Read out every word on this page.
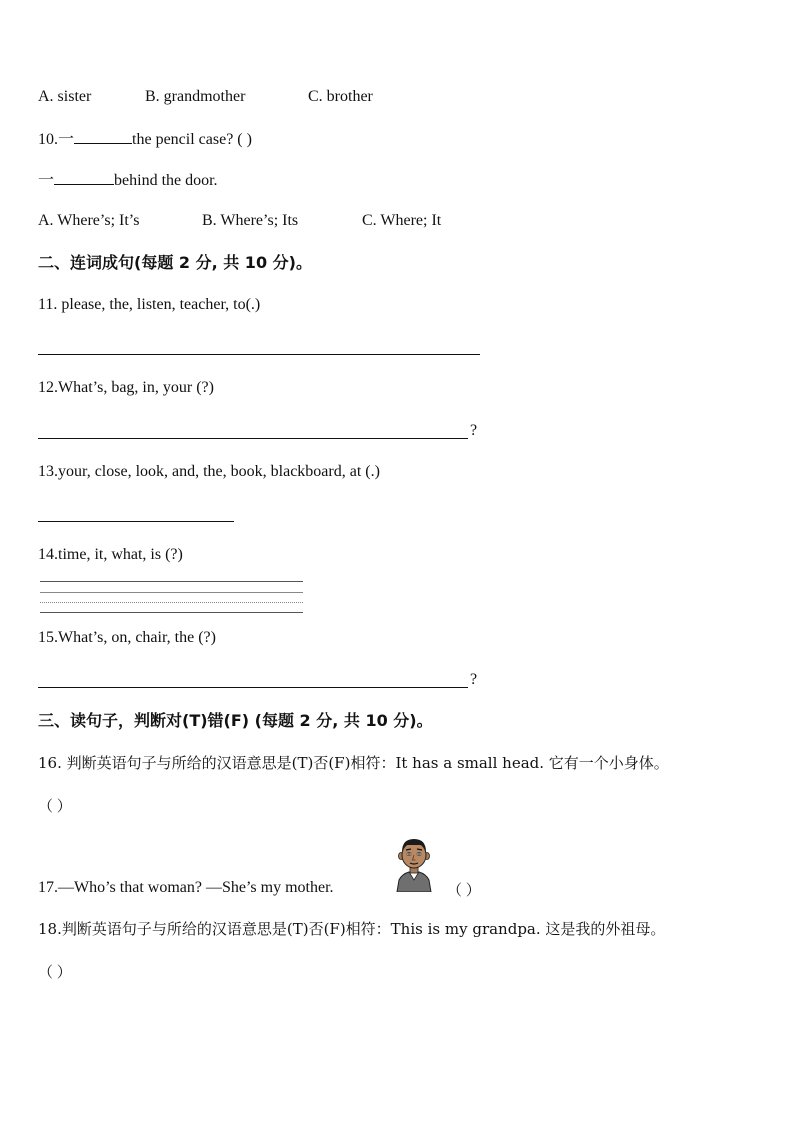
A. sister	B. grandmother	C. brother
10.一	the pencil case? ( )
一	behind the door.
A. Where’s; It’s	B. Where’s; Its	C. Where; It
二、连词成句(每题 2 分, 共 10 分)。
11. please, the, listen, teacher, to(.)
12.What’s, bag, in, your (?)
?
13.your, close, look, and, the, book, blackboard, at (.)
14.time, it, what, is (?)
15.What’s, on, chair, the (?)
?
三、读句子，判断对(T)错(F) (每题 2 分, 共 10 分)。
16. 判断英语句子与所给的汉语意思是(T)否(F)相符：It has a small head. 它有一个小身体。
（ ）
17.—Who’s that woman? —She’s my mother.	（ ）
18.判断英语句子与所给的汉语意思是(T)否(F)相符：This is my grandpa. 这是我的外祖母。
（ ）
